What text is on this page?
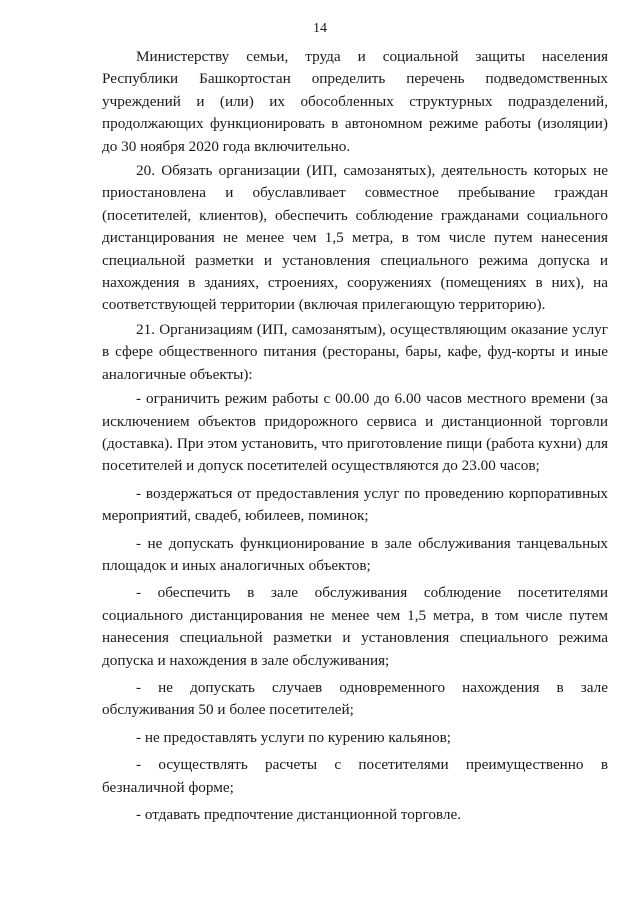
14

Министерству семьи, труда и социальной защиты населения Республики Башкортостан определить перечень подведомственных учреждений и (или) их обособленных структурных подразделений, продолжающих функционировать в автономном режиме работы (изоляции) до 30 ноября 2020 года включительно.

20. Обязать организации (ИП, самозанятых), деятельность которых не приостановлена и обуславливает совместное пребывание граждан (посетителей, клиентов), обеспечить соблюдение гражданами социального дистанцирования не менее чем 1,5 метра, в том числе путем нанесения специальной разметки и установления специального режима допуска и нахождения в зданиях, строениях, сооружениях (помещениях в них), на соответствующей территории (включая прилегающую территорию).

21. Организациям (ИП, самозанятым), осуществляющим оказание услуг в сфере общественного питания (рестораны, бары, кафе, фуд-корты и иные аналогичные объекты):

- ограничить режим работы с 00.00 до 6.00 часов местного времени (за исключением объектов придорожного сервиса и дистанционной торговли (доставка). При этом установить, что приготовление пищи (работа кухни) для посетителей и допуск посетителей осуществляются до 23.00 часов;

- воздержаться от предоставления услуг по проведению корпоративных мероприятий, свадеб, юбилеев, поминок;

- не допускать функционирование в зале обслуживания танцевальных площадок и иных аналогичных объектов;

- обеспечить в зале обслуживания соблюдение посетителями социального дистанцирования не менее чем 1,5 метра, в том числе путем нанесения специальной разметки и установления специального режима допуска и нахождения в зале обслуживания;

- не допускать случаев одновременного нахождения в зале обслуживания 50 и более посетителей;

- не предоставлять услуги по курению кальянов;

- осуществлять расчеты с посетителями преимущественно в безналичной форме;

- отдавать предпочтение дистанционной торговле.
